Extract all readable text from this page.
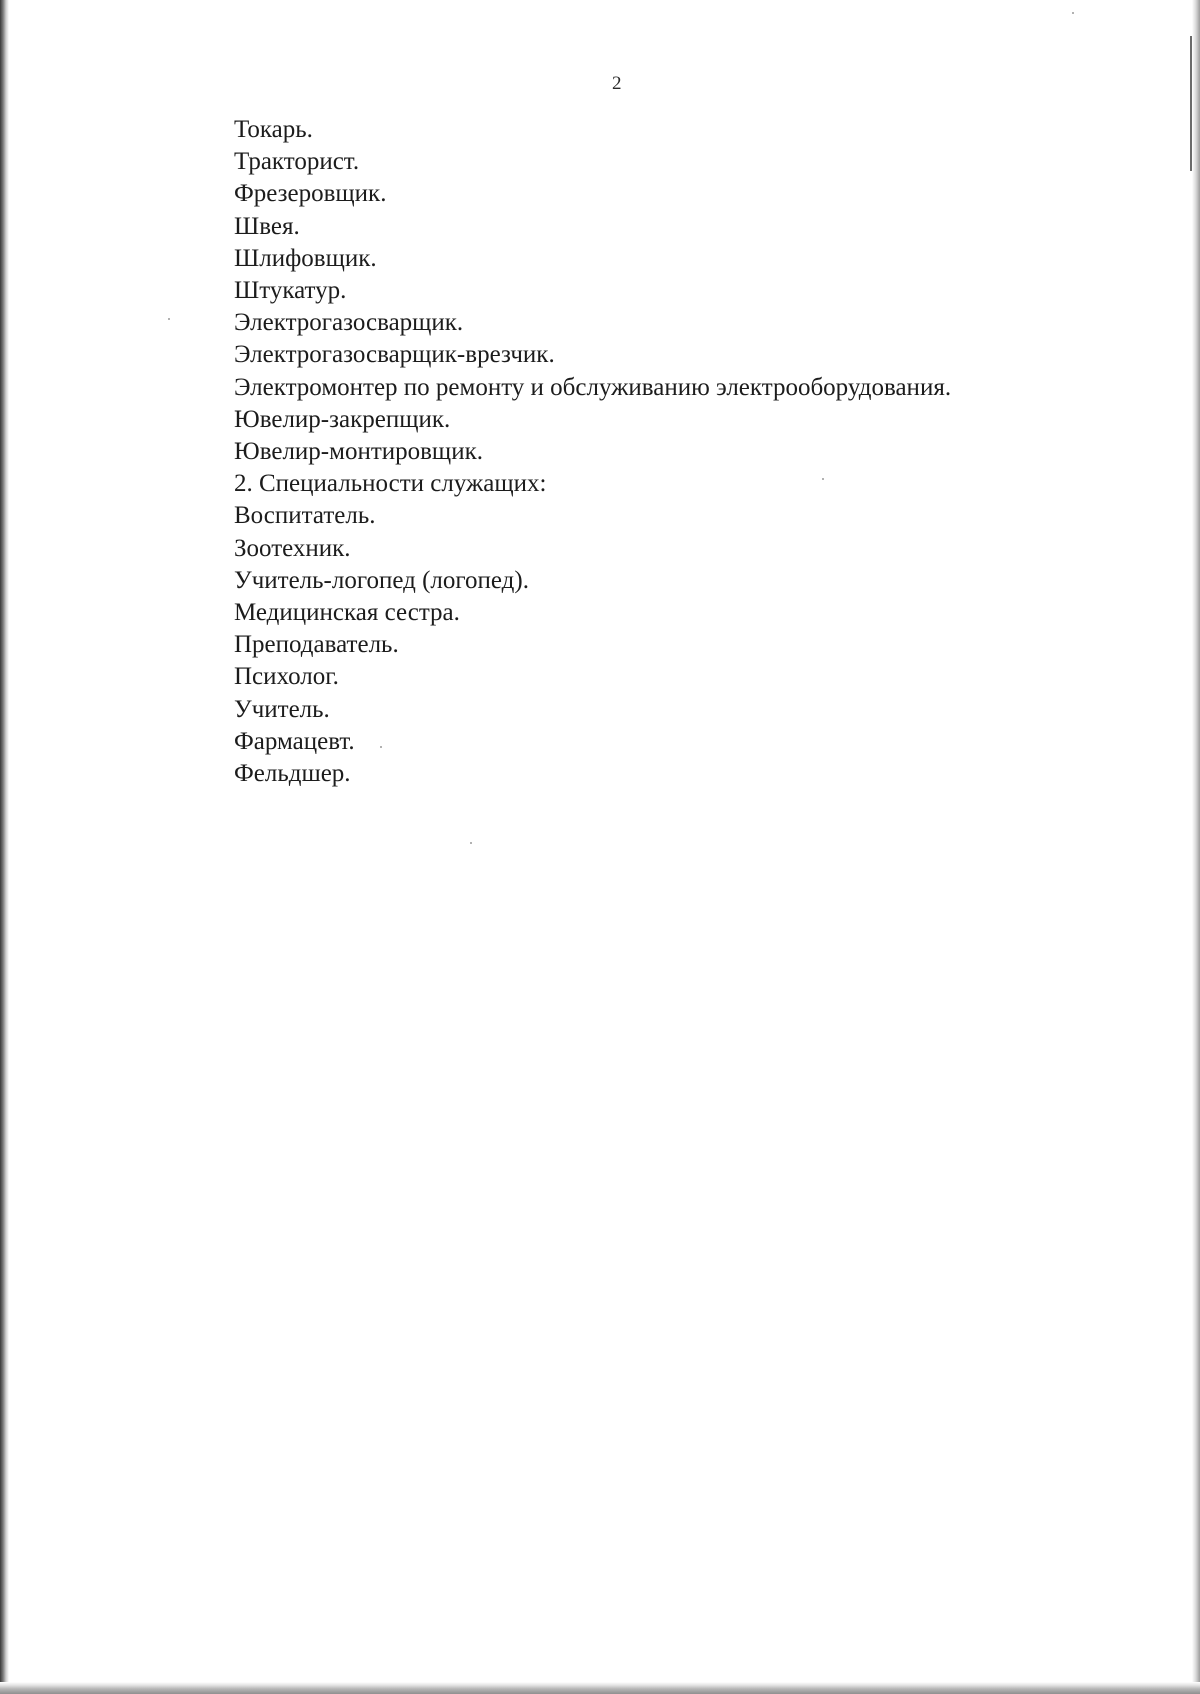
2
Токарь.
Тракторист.
Фрезеровщик.
Швея.
Шлифовщик.
Штукатур.
Электрогазосварщик.
Электрогазосварщик-врезчик.
Электромонтер по ремонту и обслуживанию электрооборудования.
Ювелир-закрепщик.
Ювелир-монтировщик.
2. Специальности служащих:
Воспитатель.
Зоотехник.
Учитель-логопед (логопед).
Медицинская сестра.
Преподаватель.
Психолог.
Учитель.
Фармацевт.
Фельдшер.
